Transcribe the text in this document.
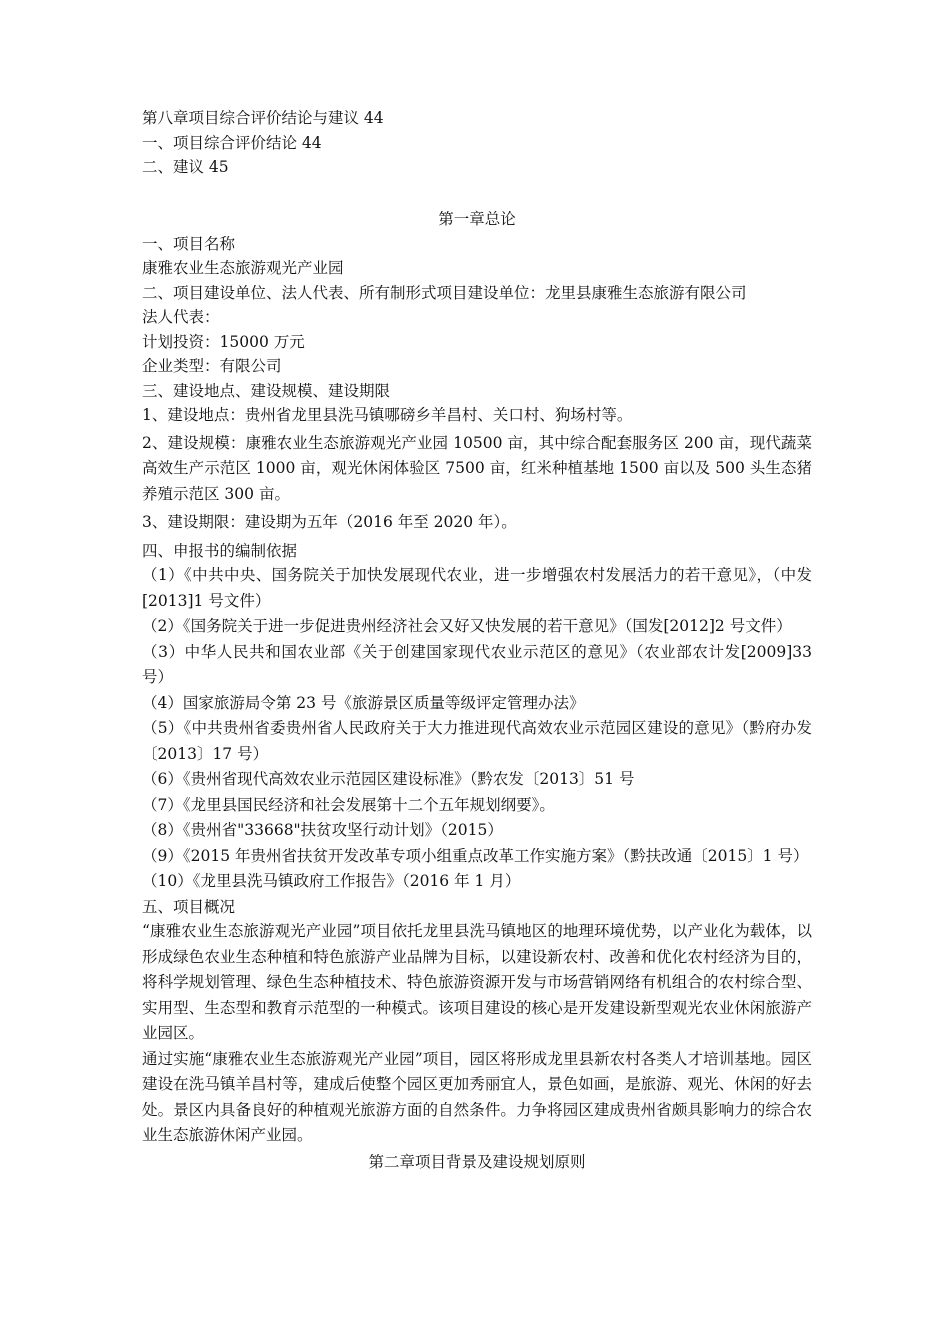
第八章项目综合评价结论与建议 44
一、项目综合评价结论 44
二、建议 45
第一章总论
一、项目名称
康雅农业生态旅游观光产业园
二、项目建设单位、法人代表、所有制形式项目建设单位：龙里县康雅生态旅游有限公司
法人代表：
计划投资：15000 万元
企业类型：有限公司
三、建设地点、建设规模、建设期限
1、建设地点：贵州省龙里县洗马镇哪磅乡羊昌村、关口村、狗场村等。

2、建设规模：康雅农业生态旅游观光产业园 10500 亩，其中综合配套服务区 200 亩，现代蔬菜高效生产示范区 1000 亩，观光休闲体验区 7500 亩，红米种植基地 1500 亩以及 500 头生态猪养殖示范区 300 亩。

3、建设期限：建设期为五年（2016 年至 2020 年）。

四、申报书的编制依据

（1）《中共中央、国务院关于加快发展现代农业，进一步增强农村发展活力的若干意见》，（中发[2013]1 号文件）

（2）《国务院关于进一步促进贵州经济社会又好又快发展的若干意见》（国发[2012]2 号文件）

（3）中华人民共和国农业部《关于创建国家现代农业示范区的意见》（农业部农计发[2009]33 号）

（4）国家旅游局令第 23 号《旅游景区质量等级评定管理办法》

（5）《中共贵州省委贵州省人民政府关于大力推进现代高效农业示范园区建设的意见》（黔府办发〔2013〕17 号）

（6）《贵州省现代高效农业示范园区建设标准》（黔农发〔2013〕51 号

（7）《龙里县国民经济和社会发展第十二个五年规划纲要》。

（8）《贵州省"33668"扶贫攻坚行动计划》（2015）

（9）《2015 年贵州省扶贫开发改革专项小组重点改革工作实施方案》（黔扶改通〔2015〕1 号）

（10）《龙里县洗马镇政府工作报告》（2016 年 1 月）

五、项目概况

“康雅农业生态旅游观光产业园”项目依托龙里县洗马镇地区的地理环境优势，以产业化为载体，以形成绿色农业生态种植和特色旅游产业品牌为目标，以建设新农村、改善和优化农村经济为目的，将科学规划管理、绿色生态种植技术、特色旅游资源开发与市场营销网络有机组合的农村综合型、实用型、生态型和教育示范型的一种模式。该项目建设的核心是开发建设新型观光农业休闲旅游产业园区。

通过实施“康雅农业生态旅游观光产业园”项目，园区将形成龙里县新农村各类人才培训基地。园区建设在洗马镇羊昌村等，建成后使整个园区更加秀丽宜人，景色如画，是旅游、观光、休闲的好去处。景区内具备良好的种植观光旅游方面的自然条件。力争将园区建成贵州省颇具影响力的综合农业生态旅游休闲产业园。

第二章项目背景及建设规划原则
